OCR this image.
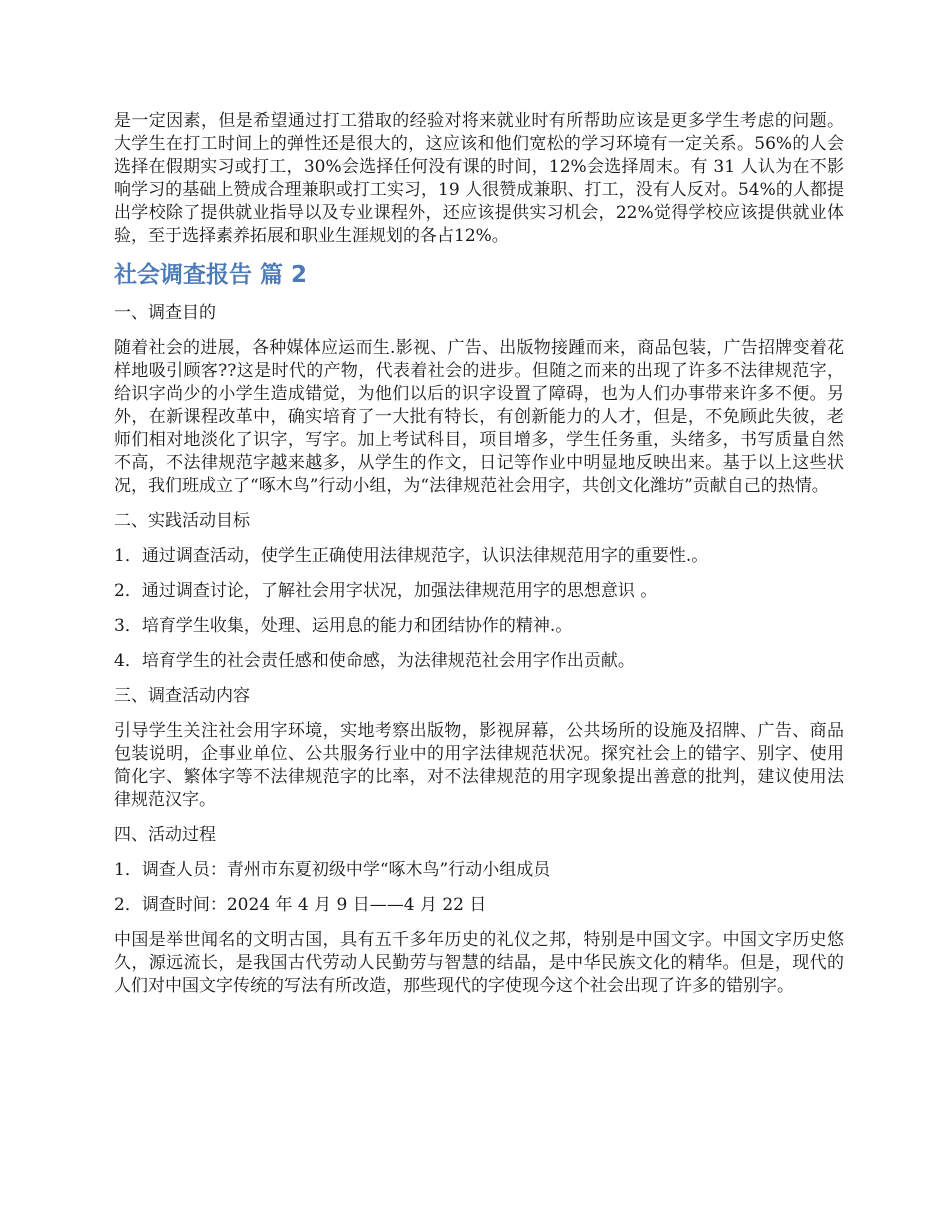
是一定因素，但是希望通过打工猎取的经验对将来就业时有所帮助应该是更多学生考虑的问题。大学生在打工时间上的弹性还是很大的，这应该和他们宽松的学习环境有一定关系。56%的人会选择在假期实习或打工，30%会选择任何没有课的时间，12%会选择周末。有 31 人认为在不影响学习的基础上赞成合理兼职或打工实习，19 人很赞成兼职、打工，没有人反对。54%的人都提出学校除了提供就业指导以及专业课程外，还应该提供实习机会，22%觉得学校应该提供就业体验，至于选择素养拓展和职业生涯规划的各占12%。

社会调查报告 篇 2
一、调查目的

随着社会的进展，各种媒体应运而生.影视、广告、出版物接踵而来，商品包装，广告招牌变着花样地吸引顾客??这是时代的产物，代表着社会的进步。但随之而来的出现了许多不法律规范字，给识字尚少的小学生造成错觉，为他们以后的识字设置了障碍，也为人们办事带来许多不便。另外，在新课程改革中，确实培育了一大批有特长，有创新能力的人才，但是，不免顾此失彼，老师们相对地淡化了识字，写字。加上考试科目，项目增多，学生任务重，头绪多，书写质量自然不高，不法律规范字越来越多，从学生的作文，日记等作业中明显地反映出来。基于以上这些状况，我们班成立了“啄木鸟”行动小组，为“法律规范社会用字，共创文化潍坊”贡献自己的热情。

二、实践活动目标

1．通过调查活动，使学生正确使用法律规范字，认识法律规范用字的重要性.。

2．通过调查讨论，了解社会用字状况，加强法律规范用字的思想意识 。

3．培育学生收集，处理、运用息的能力和团结协作的精神.。

4．培育学生的社会责任感和使命感，为法律规范社会用字作出贡献。

三、调查活动内容

引导学生关注社会用字环境，实地考察出版物，影视屏幕，公共场所的设施及招牌、广告、商品包装说明，企事业单位、公共服务行业中的用字法律规范状况。探究社会上的错字、别字、使用简化字、繁体字等不法律规范字的比率，对不法律规范的用字现象提出善意的批判，建议使用法律规范汉字。

四、活动过程

1．调查人员：青州市东夏初级中学“啄木鸟”行动小组成员

2．调查时间：2024 年 4 月 9 日——4 月 22 日

中国是举世闻名的文明古国，具有五千多年历史的礼仪之邦，特别是中国文字。中国文字历史悠久，源远流长，是我国古代劳动人民勤劳与智慧的结晶，是中华民族文化的精华。但是，现代的人们对中国文字传统的写法有所改造，那些现代的字使现今这个社会出现了许多的错别字。
